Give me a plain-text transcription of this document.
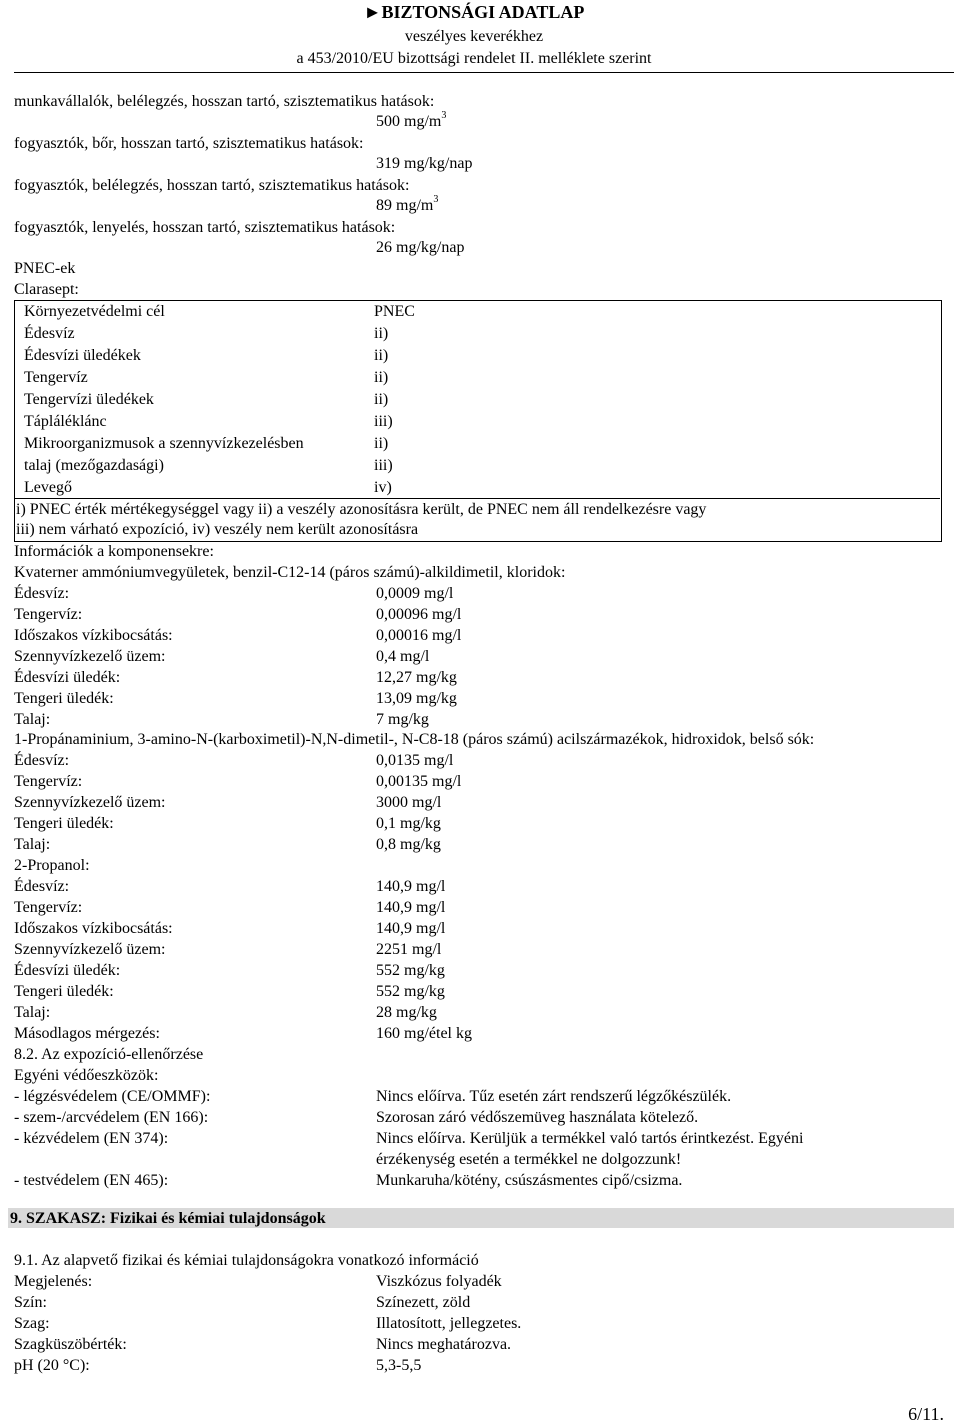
►BIZTONSÁGI ADATLAP
veszélyes keverékhez
a 453/2010/EU bizottsági rendelet II. melléklete szerint
munkavállalók, belélegzés, hosszan tartó, szisztematikus hatások:
500 $mg/m^3$
fogyasztók, bőr, hosszan tartó, szisztematikus hatások:
319 mg/kg/nap
fogyasztók, belélegzés, hosszan tartó, szisztematikus hatások:
89 $mg/m^3$
fogyasztók, lenyelés, hosszan tartó, szisztematikus hatások:
26 mg/kg/nap
PNEC-ek
Clarasept:
Környezetvédelmi cél	PNEC
Édesvíz	ii)
Édesvízi üledékek	ii)
Tengervíz	ii)
Tengervízi üledékek	ii)
Tápláléklánc	iii)
Mikroorganizmusok a szennyvízkezelésben	ii)
talaj (mezőgazdasági)	iii)
Levegő	iv)
i) PNEC érték mértékegységgel vagy ii) a veszély azonosításra került, de PNEC nem áll rendelkezésre vagy
iii) nem várható expozíció, iv) veszély nem került azonosításra
Információk a komponensekre:
Kvaterner ammóniumvegyületek, benzil-C12-14 (páros számú)-alkildimetil, kloridok:
Édesvíz:	0,0009 mg/l
Tengervíz:	0,00096 mg/l
Időszakos vízkibocsátás:	0,00016 mg/l
Szennyvízkezelő üzem:	0,4 mg/l
Édesvízi üledék:	12,27 mg/kg
Tengeri üledék:	13,09 mg/kg
Talaj:	7 mg/kg
1-Propánaminium, 3-amino-N-(karboximetil)-N,N-dimetil-, N-C8-18 (páros számú) acilszármazékok, hidroxidok, belső sók:
Édesvíz:	0,0135 mg/l
Tengervíz:	0,00135 mg/l
Szennyvízkezelő üzem:	3000 mg/l
Tengeri üledék:	0,1 mg/kg
Talaj:	0,8 mg/kg
2-Propanol:
Édesvíz:	140,9 mg/l
Tengervíz:	140,9 mg/l
Időszakos vízkibocsátás:	140,9 mg/l
Szennyvízkezelő üzem:	2251 mg/l
Édesvízi üledék:	552 mg/kg
Tengeri üledék:	552 mg/kg
Talaj:	28 mg/kg
Másodlagos mérgezés:	160 mg/étel kg
8.2. Az expozíció-ellenőrzése
Egyéni védőeszközök:
- légzésvédelem (CE/OMMF):	Nincs előírva. Tűz esetén zárt rendszerű légzőkészülék.
- szem-/arcvédelem (EN 166):	Szorosan záró védőszemüveg használata kötelező.
- kézvédelem (EN 374):	Nincs előírva. Kerüljük a termékkel való tartós érintkezést. Egyéni
érzékenység esetén a termékkel ne dolgozzunk!
- testvédelem (EN 465):	Munkaruha/kötény, csúszásmentes cipő/csizma.
9.1. Az alapvető fizikai és kémiai tulajdonságokra vonatkozó információ
Megjelenés:	Viszkózus folyadék
Szín:	Színezett, zöld
Szag:	Illatosított, jellegzetes.
Szagküszöbérték:	Nincs meghatározva.
pH (20 °C):	5,3-5,5
9. SZAKASZ: Fizikai és kémiai tulajdonságok
6/11.
